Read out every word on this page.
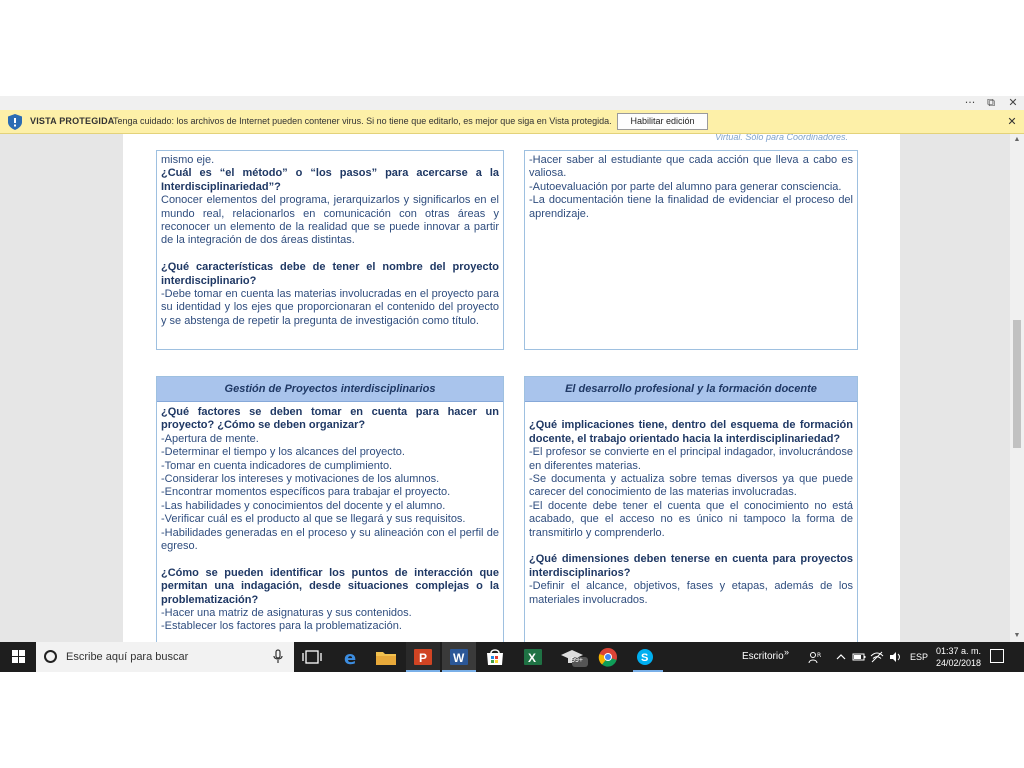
···	⧉	✕
VISTA PROTEGIDA
Tenga cuidado: los archivos de Internet pueden contener virus. Si no tiene que editarlo, es mejor que siga en Vista protegida.	Habilitar edición	✕
Virtual. Sólo para Coordinadores.

mismo eje.

¿Cuál es “el método” o “los pasos” para acercarse a la Interdisciplinariedad”?

Conocer elementos del programa, jerarquizarlos y significarlos en el mundo real, relacionarlos en comunicación con otras áreas y reconocer un elemento de la realidad que se puede innovar a partir de la integración de dos áreas distintas.

¿Qué características debe de tener el nombre del proyecto interdisciplinario?

-Debe tomar en cuenta las materias involucradas en el proyecto para su identidad y los ejes que proporcionaran el contenido del proyecto y se abstenga de repetir la pregunta de investigación como título.

-Hacer saber al estudiante que cada acción que lleva a cabo es valiosa.

-Autoevaluación por parte del alumno para generar consciencia.

-La documentación tiene la finalidad de evidenciar el proceso del aprendizaje.

Gestión de Proyectos interdisciplinarios

¿Qué factores se deben tomar en cuenta para hacer un proyecto? ¿Cómo se deben organizar?

-Apertura de mente.

-Determinar el tiempo y los alcances del proyecto.

-Tomar en cuenta indicadores de cumplimiento.

-Considerar los intereses y motivaciones de los alumnos.

-Encontrar momentos específicos para trabajar el proyecto.

-Las habilidades y conocimientos del docente y el alumno.

-Verificar cuál es el producto al que se llegará y sus requisitos.

-Habilidades generadas en el proceso y su alineación con el perfil de egreso.

¿Cómo se pueden identificar los puntos de interacción que permitan una indagación, desde situaciones complejas o la problematización?

-Hacer una matriz de asignaturas y sus contenidos.

-Establecer los factores para la problematización.

El desarrollo profesional y la formación docente

¿Qué implicaciones tiene, dentro del esquema de formación docente, el trabajo orientado hacia la interdisciplinariedad?

-El profesor se convierte en el principal indagador, involucrándose en diferentes materias.

-Se documenta y actualiza sobre temas diversos ya que puede carecer del conocimiento de las materias involucradas.

-El docente debe tener el cuenta que el conocimiento no está acabado, que el acceso no es único ni tampoco la forma de transmitirlo y comprenderlo.

¿Qué dimensiones deben tenerse en cuenta para proyectos interdisciplinarios?

-Definir el alcance, objetivos, fases y etapas, además de los materiales involucrados.

▲
▼
Escribe aquí para buscar	e	P W	X	99+	S	Escritorio »	R	ESP
01:37 a. m.
24/02/2018
